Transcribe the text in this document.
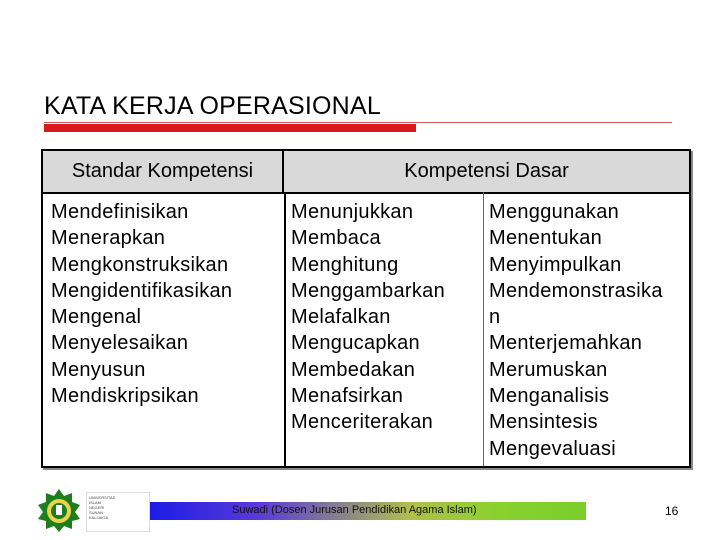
KATA KERJA OPERASIONAL
Standar Kompetensi	Kompetensi Dasar
Mendefinisikan
Menerapkan
Mengkonstruksikan
Mengidentifikasikan
Mengenal
Menyelesaikan
Menyusun
Mendiskripsikan
Menunjukkan
Membaca
Menghitung
Menggambarkan
Melafalkan
Mengucapkan
Membedakan
Menafsirkan
Menceriterakan
Menggunakan
Menentukan
Menyimpulkan
Mendemonstrasika
n
Menterjemahkan
Merumuskan
Menganalisis
Mensintesis
Mengevaluasi
UNIVERSITAS
ISLAM
NEGERI
SUNAN
KALIJAGA
Suwadi (Dosen Jurusan Pendidikan Agama Islam)	16
